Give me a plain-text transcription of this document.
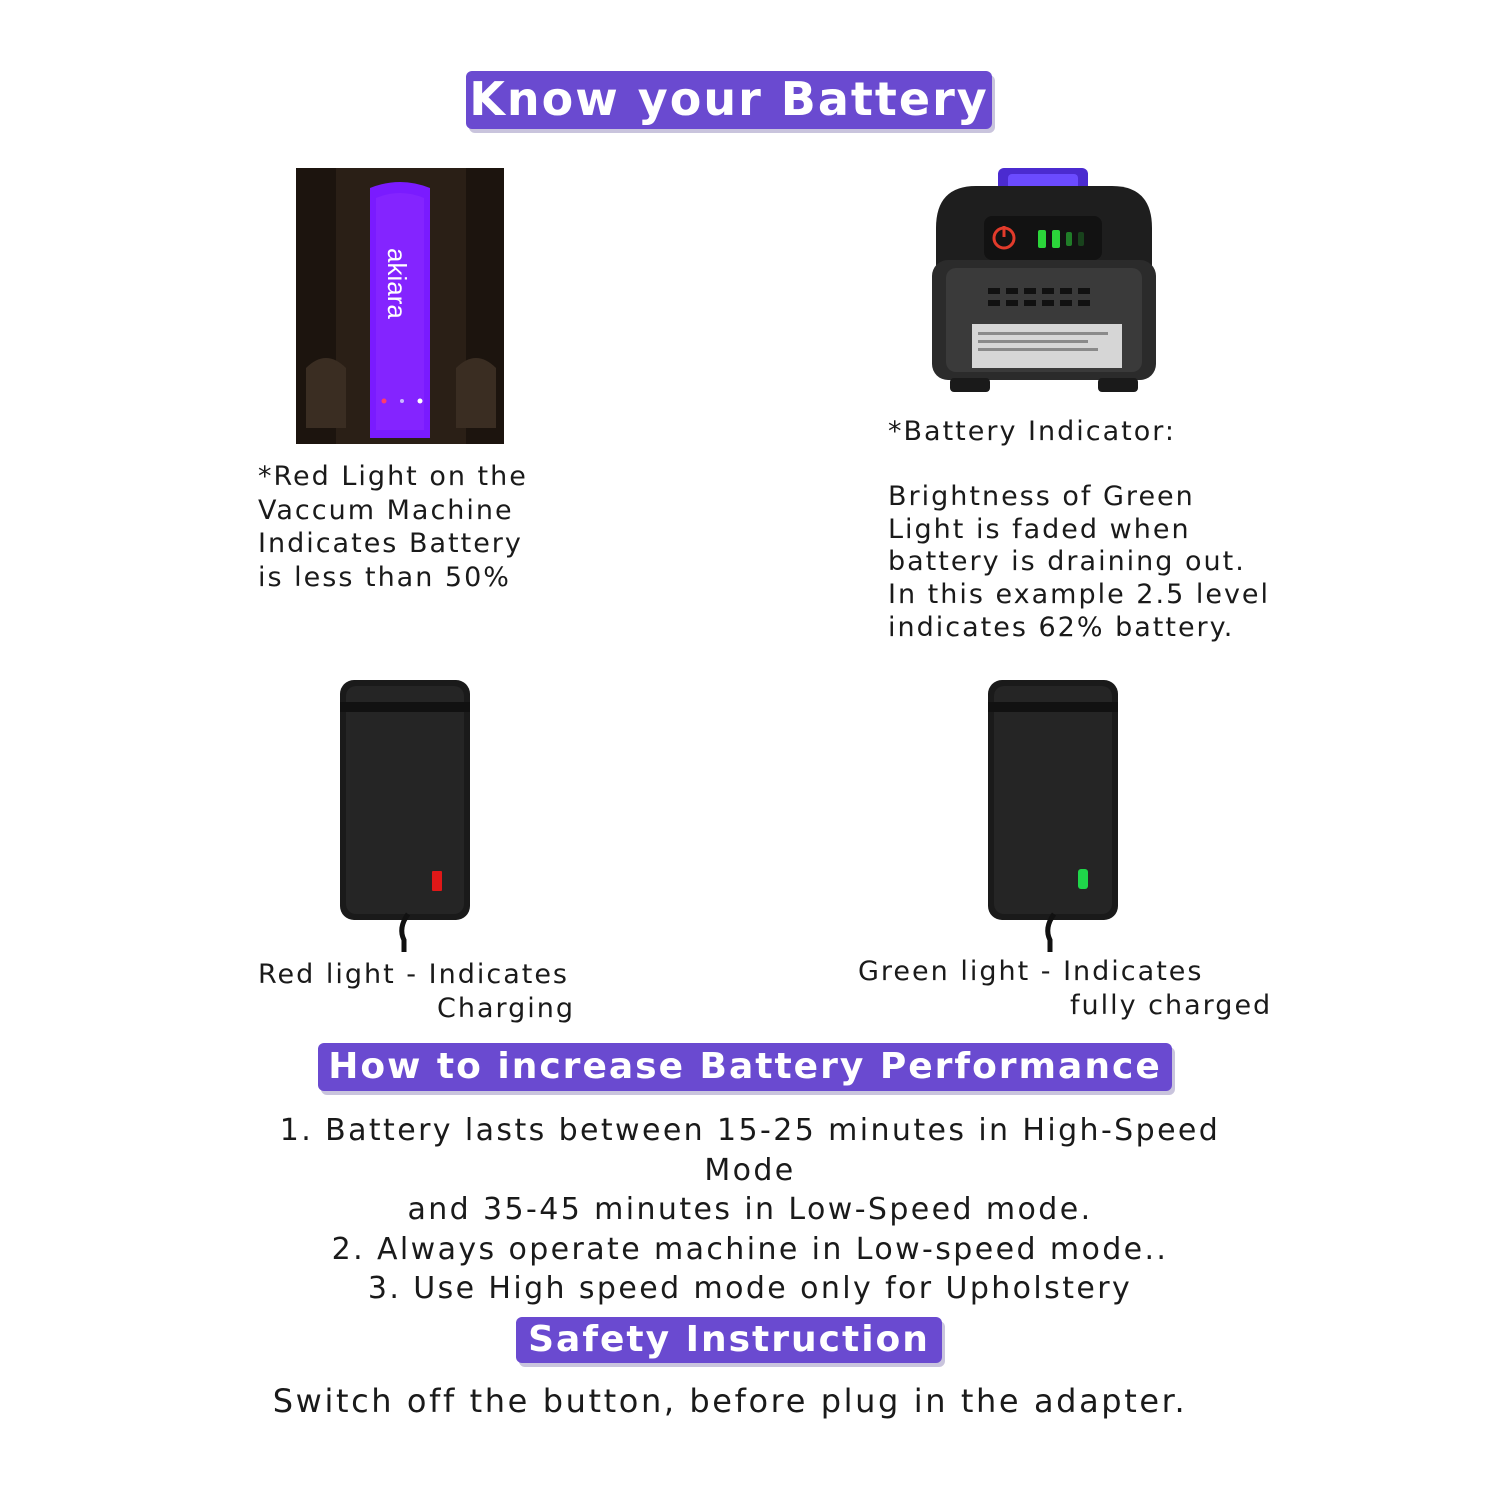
Know your Battery
akiara
*Red Light on the
Vaccum Machine
Indicates Battery
is less than 50%
*Battery Indicator:

Brightness of Green
Light is faded when
battery is draining out.
In this example 2.5 level
indicates 62% battery.
Red light - Indicates
Charging
Green light - Indicates
fully charged
How to increase Battery Performance
1. Battery lasts between 15-25 minutes in High-Speed Mode
and 35-45 minutes in Low-Speed mode.
2. Always operate machine in Low-speed mode..
3. Use High speed mode only for Upholstery
Safety Instruction
Switch off the button, before plug in the adapter.
